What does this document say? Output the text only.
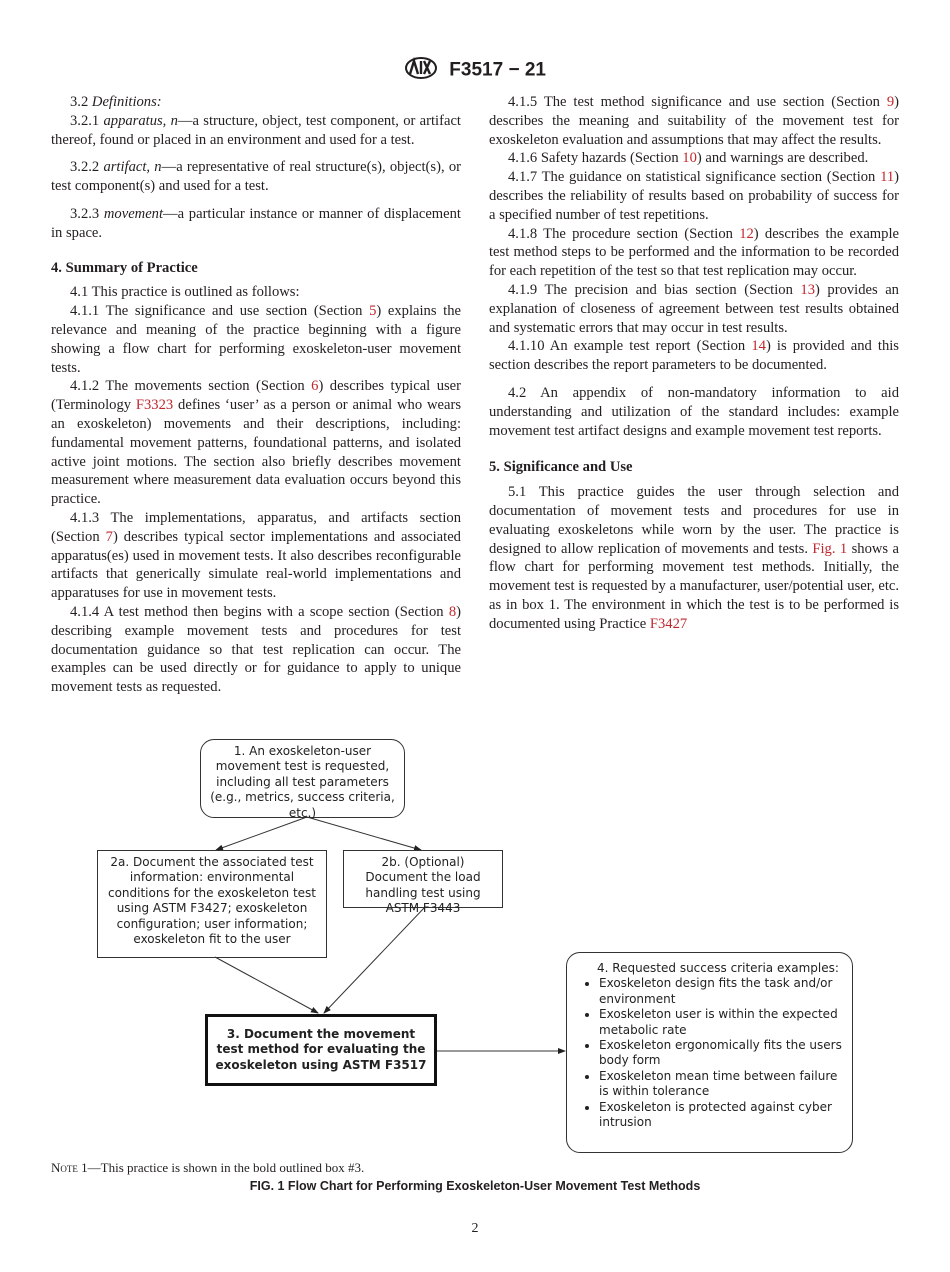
F3517 − 21

3.2 Definitions:

3.2.1 apparatus, n—a structure, object, test component, or artifact thereof, found or placed in an environment and used for a test.

3.2.2 artifact, n—a representative of real structure(s), object(s), or test component(s) and used for a test.

3.2.3 movement—a particular instance or manner of displacement in space.

4. Summary of Practice

4.1 This practice is outlined as follows:

4.1.1 The significance and use section (Section 5) explains the relevance and meaning of the practice beginning with a figure showing a flow chart for performing exoskeleton-user movement tests.

4.1.2 The movements section (Section 6) describes typical user (Terminology F3323 defines ‘user’ as a person or animal who wears an exoskeleton) movements and their descriptions, including: fundamental movement patterns, foundational patterns, and isolated active joint motions. The section also briefly describes movement measurement where measurement data evaluation occurs beyond this practice.

4.1.3 The implementations, apparatus, and artifacts section (Section 7) describes typical sector implementations and associated apparatus(es) used in movement tests. It also describes reconfigurable artifacts that generically simulate real-world implementations and apparatuses for use in movement tests.

4.1.4 A test method then begins with a scope section (Section 8) describing example movement tests and procedures for test documentation guidance so that test replication can occur. The examples can be used directly or for guidance to apply to unique movement tests as requested.

4.1.5 The test method significance and use section (Section 9) describes the meaning and suitability of the movement test for exoskeleton evaluation and assumptions that may affect the results.

4.1.6 Safety hazards (Section 10) and warnings are described.

4.1.7 The guidance on statistical significance section (Section 11) describes the reliability of results based on probability of success for a specified number of test repetitions.

4.1.8 The procedure section (Section 12) describes the example test method steps to be performed and the information to be recorded for each repetition of the test so that test replication may occur.

4.1.9 The precision and bias section (Section 13) provides an explanation of closeness of agreement between test results obtained and systematic errors that may occur in test results.

4.1.10 An example test report (Section 14) is provided and this section describes the report parameters to be documented.

4.2 An appendix of non-mandatory information to aid understanding and utilization of the standard includes: example movement test artifact designs and example movement test reports.

5. Significance and Use

5.1 This practice guides the user through selection and documentation of movement tests and procedures for use in evaluating exoskeletons while worn by the user. The practice is designed to allow replication of movements and tests. Fig. 1 shows a flow chart for performing movement test methods. Initially, the movement test is requested by a manufacturer, user/potential user, etc. as in box 1. The environment in which the test is to be performed is documented using Practice F3427

1. An exoskeleton-user movement test is requested, including all test parameters (e.g., metrics, success criteria, etc.)
2a. Document the associated test information: environmental conditions for the exoskeleton test using ASTM F3427; exoskeleton configuration; user information; exoskeleton fit to the user
2b. (Optional) Document the load handling test using ASTM F3443
3. Document the movement test method for evaluating the exoskeleton using ASTM F3517
4. Requested success criteria examples:
• Exoskeleton design fits the task and/or environment
• Exoskeleton user is within the expected metabolic rate
• Exoskeleton ergonomically fits the users body form
• Exoskeleton mean time between failure is within tolerance
• Exoskeleton is protected against cyber intrusion
Note 1—This practice is shown in the bold outlined box #3.
FIG. 1 Flow Chart for Performing Exoskeleton-User Movement Test Methods
2
